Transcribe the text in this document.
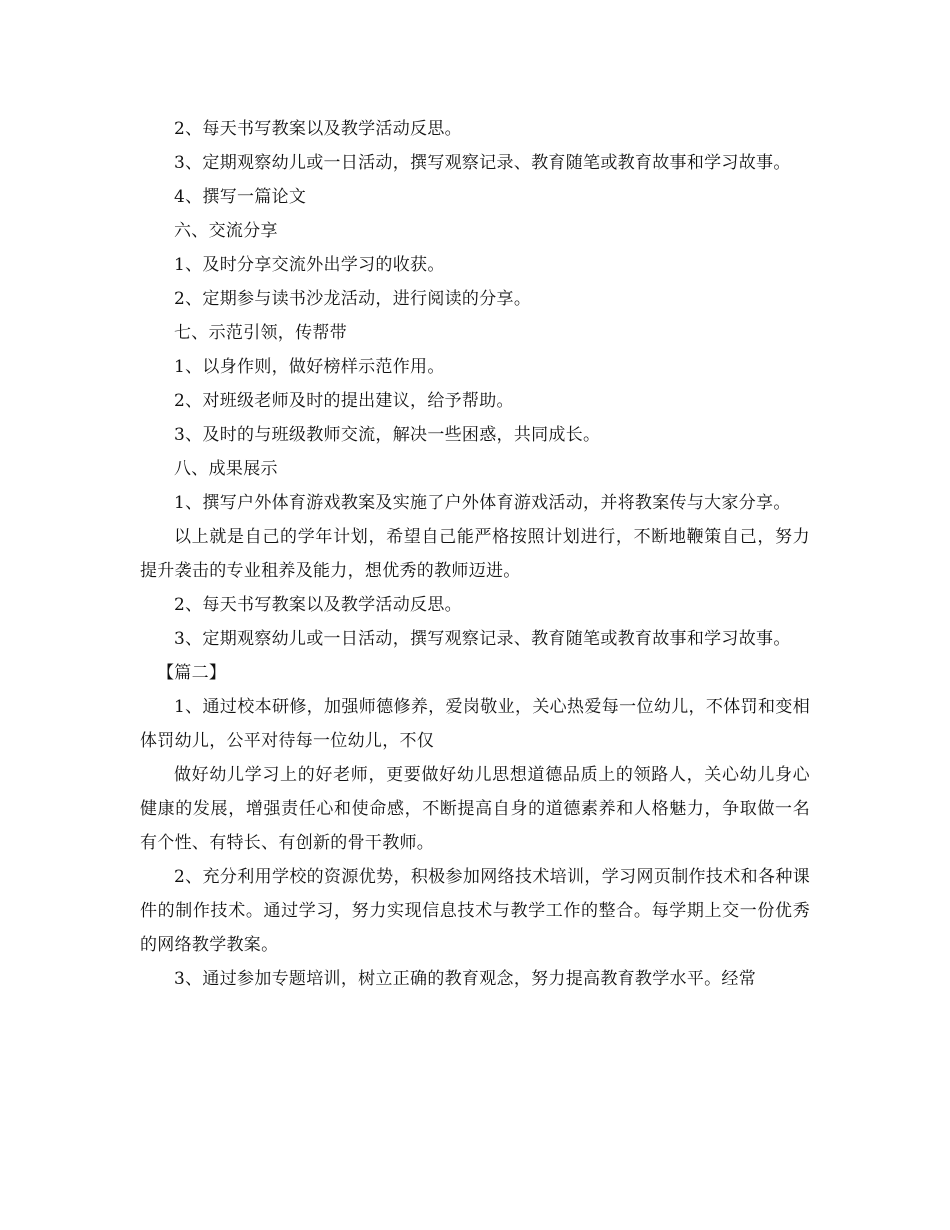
2、每天书写教案以及教学活动反思。

3、定期观察幼儿或一日活动，撰写观察记录、教育随笔或教育故事和学习故事。

4、撰写一篇论文

六、交流分享

1、及时分享交流外出学习的收获。

2、定期参与读书沙龙活动，进行阅读的分享。

七、示范引领，传帮带

1、以身作则，做好榜样示范作用。

2、对班级老师及时的提出建议，给予帮助。

3、及时的与班级教师交流，解决一些困惑，共同成长。

八、成果展示

1、撰写户外体育游戏教案及实施了户外体育游戏活动，并将教案传与大家分享。

以上就是自己的学年计划，希望自己能严格按照计划进行，不断地鞭策自己，努力提升袭击的专业租养及能力，想优秀的教师迈进。

2、每天书写教案以及教学活动反思。

3、定期观察幼儿或一日活动，撰写观察记录、教育随笔或教育故事和学习故事。

【篇二】

1、通过校本研修，加强师德修养，爱岗敬业，关心热爱每一位幼儿，不体罚和变相体罚幼儿，公平对待每一位幼儿，不仅

做好幼儿学习上的好老师，更要做好幼儿思想道德品质上的领路人，关心幼儿身心健康的发展，增强责任心和使命感，不断提高自身的道德素养和人格魅力，争取做一名有个性、有特长、有创新的骨干教师。

2、充分利用学校的资源优势，积极参加网络技术培训，学习网页制作技术和各种课件的制作技术。通过学习，努力实现信息技术与教学工作的整合。每学期上交一份优秀的网络教学教案。

3、通过参加专题培训，树立正确的教育观念，努力提高教育教学水平。经常
